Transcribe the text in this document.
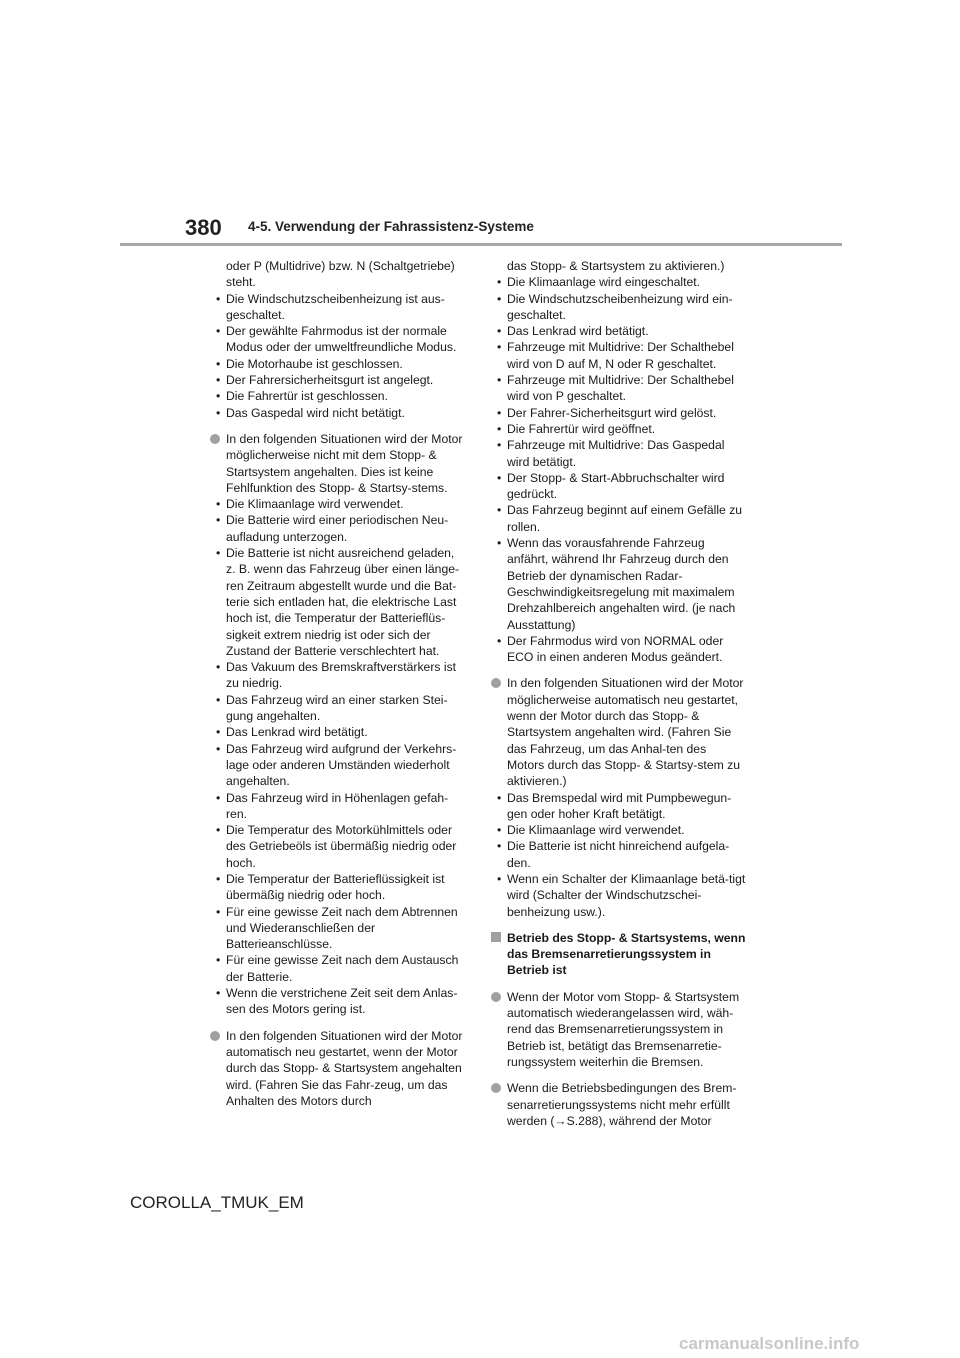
380 4-5. Verwendung der Fahrassistenz-Systeme
oder P (Multidrive) bzw. N (Schaltgetriebe) steht.
• Die Windschutzscheibenheizung ist aus-geschaltet.
• Der gewählte Fahrmodus ist der normale Modus oder der umweltfreundliche Modus.
• Die Motorhaube ist geschlossen.
• Der Fahrersicherheitsgurt ist angelegt.
• Die Fahrertür ist geschlossen.
• Das Gaspedal wird nicht betätigt.
In den folgenden Situationen wird der Motor möglicherweise nicht mit dem Stopp- & Startsystem angehalten. Dies ist keine Fehlfunktion des Stopp- & Startsy-stems.
• Die Klimaanlage wird verwendet.
• Die Batterie wird einer periodischen Neu-aufladung unterzogen.
• Die Batterie ist nicht ausreichend geladen, z. B. wenn das Fahrzeug über einen länge-ren Zeitraum abgestellt wurde und die Bat-terie sich entladen hat, die elektrische Last hoch ist, die Temperatur der Batterieflüs-sigkeit extrem niedrig ist oder sich der Zustand der Batterie verschlechtert hat.
• Das Vakuum des Bremskraftverstärkers ist zu niedrig.
• Das Fahrzeug wird an einer starken Stei-gung angehalten.
• Das Lenkrad wird betätigt.
• Das Fahrzeug wird aufgrund der Verkehrs-lage oder anderen Umständen wiederholt angehalten.
• Das Fahrzeug wird in Höhenlagen gefah-ren.
• Die Temperatur des Motorkühlmittels oder des Getriebeöls ist übermäßig niedrig oder hoch.
• Die Temperatur der Batterieflüssigkeit ist übermäßig niedrig oder hoch.
• Für eine gewisse Zeit nach dem Abtrennen und Wiederanschließen der Batterieanschlüsse.
• Für eine gewisse Zeit nach dem Austausch der Batterie.
• Wenn die verstrichene Zeit seit dem Anlas-sen des Motors gering ist.
In den folgenden Situationen wird der Motor automatisch neu gestartet, wenn der Motor durch das Stopp- & Startsystem angehalten wird. (Fahren Sie das Fahr-zeug, um das Anhalten des Motors durch
das Stopp- & Startsystem zu aktivieren.)
• Die Klimaanlage wird eingeschaltet.
• Die Windschutzscheibenheizung wird ein-geschaltet.
• Das Lenkrad wird betätigt.
• Fahrzeuge mit Multidrive: Der Schalthebel wird von D auf M, N oder R geschaltet.
• Fahrzeuge mit Multidrive: Der Schalthebel wird von P geschaltet.
• Der Fahrer-Sicherheitsgurt wird gelöst.
• Die Fahrertür wird geöffnet.
• Fahrzeuge mit Multidrive: Das Gaspedal wird betätigt.
• Der Stopp- & Start-Abbruchschalter wird gedrückt.
• Das Fahrzeug beginnt auf einem Gefälle zu rollen.
• Wenn das vorausfahrende Fahrzeug anfährt, während Ihr Fahrzeug durch den Betrieb der dynamischen Radar-Geschwindigkeitsregelung mit maximalem Drehzahlbereich angehalten wird. (je nach Ausstattung)
• Der Fahrmodus wird von NORMAL oder ECO in einen anderen Modus geändert.
In den folgenden Situationen wird der Motor möglicherweise automatisch neu gestartet, wenn der Motor durch das Stopp- & Startsystem angehalten wird. (Fahren Sie das Fahrzeug, um das Anhal-ten des Motors durch das Stopp- & Startsy-stem zu aktivieren.)
• Das Bremspedal wird mit Pumpbewegun-gen oder hoher Kraft betätigt.
• Die Klimaanlage wird verwendet.
• Die Batterie ist nicht hinreichend aufgela-den.
• Wenn ein Schalter der Klimaanlage betä-tigt wird (Schalter der Windschutzschei-benheizung usw.).
Betrieb des Stopp- & Startsystems, wenn das Bremsenarretierungssystem in Betrieb ist
Wenn der Motor vom Stopp- & Startsystem automatisch wiederangelassen wird, wäh-rend das Bremsenarretierungssystem in Betrieb ist, betätigt das Bremsenarretie-rungssystem weiterhin die Bremsen.
Wenn die Betriebsbedingungen des Brem-senarretierungssystems nicht mehr erfüllt werden (→S.288), während der Motor
COROLLA_TMUK_EM
carmanualsonline.info
